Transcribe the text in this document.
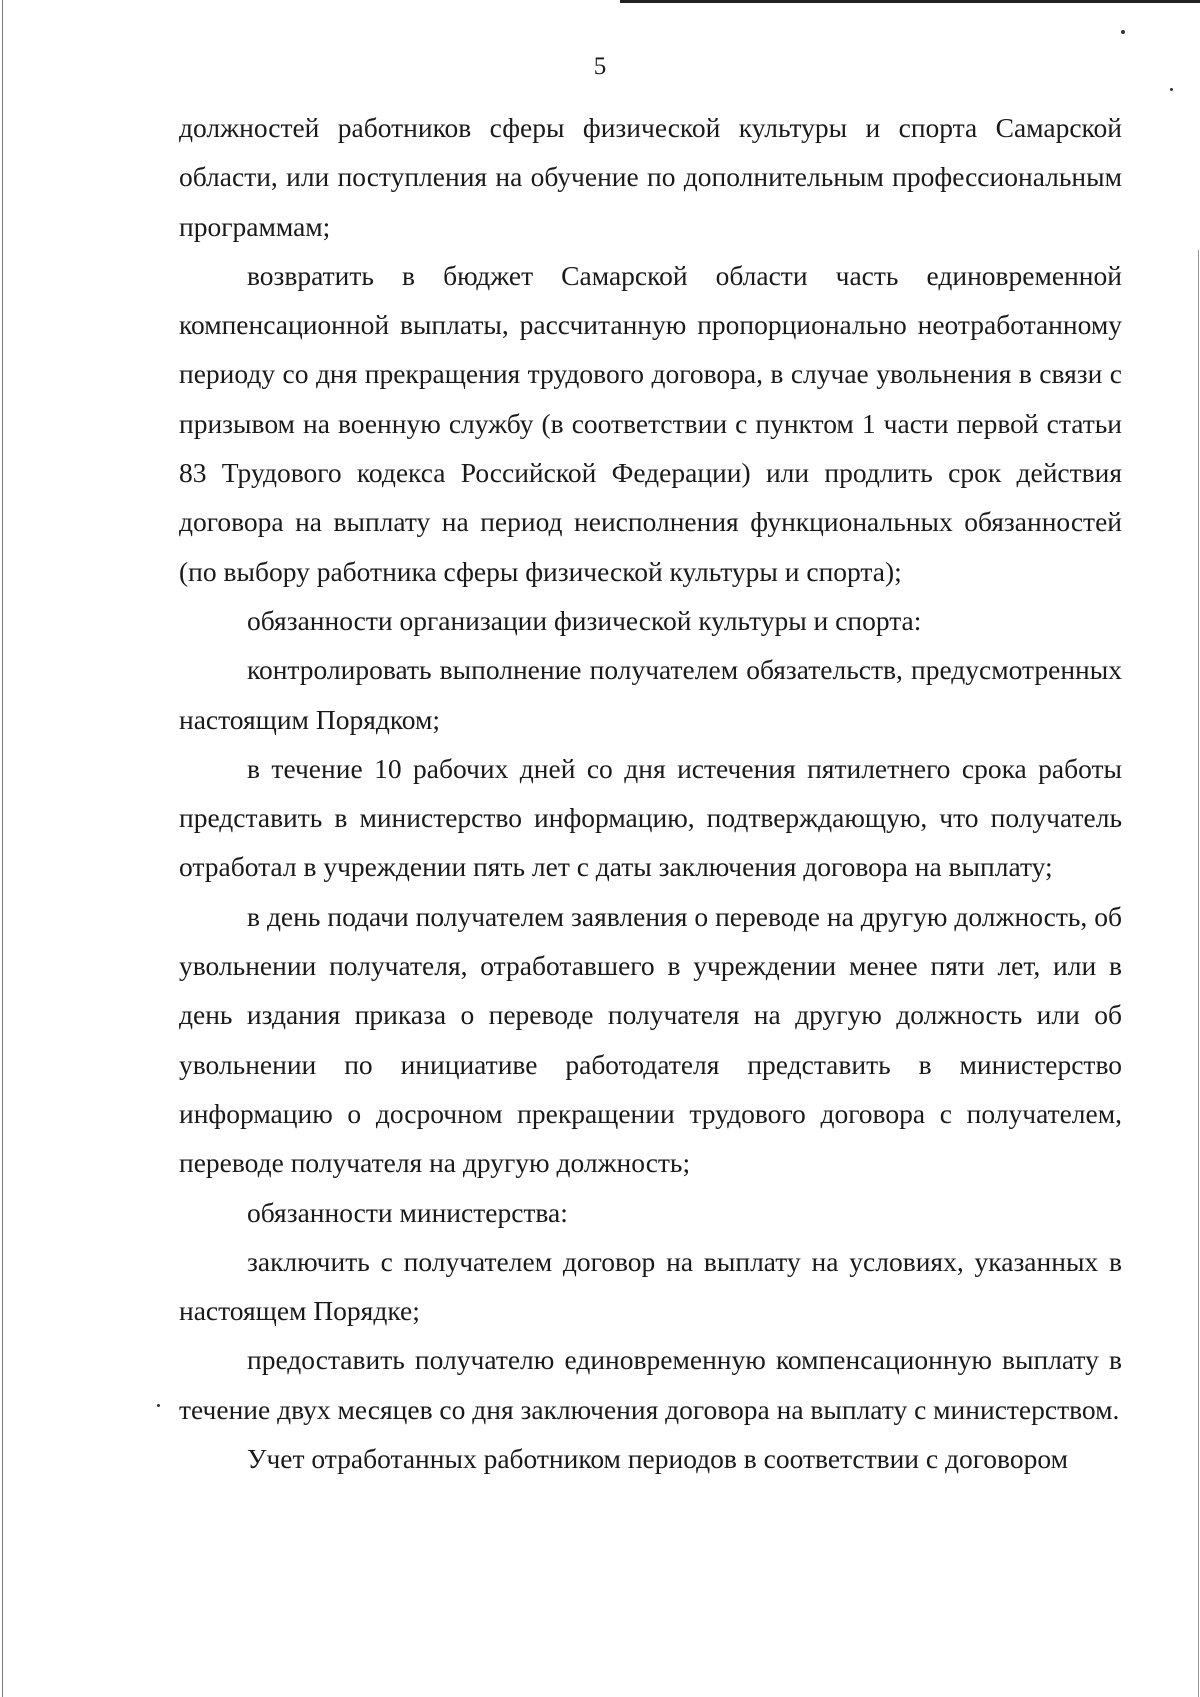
5

должностей работников сферы физической культуры и спорта Самарской области, или поступления на обучение по дополнительным профессиональным программам;

возвратить в бюджет Самарской области часть единовременной компенсационной выплаты, рассчитанную пропорционально неотработанному периоду со дня прекращения трудового договора, в случае увольнения в связи с призывом на военную службу (в соответствии с пунктом 1 части первой статьи 83 Трудового кодекса Российской Федерации) или продлить срок действия договора на выплату на период неисполнения функциональных обязанностей (по выбору работника сферы физической культуры и спорта);

обязанности организации физической культуры и спорта:

контролировать выполнение получателем обязательств, предусмотренных настоящим Порядком;

в течение 10 рабочих дней со дня истечения пятилетнего срока работы представить в министерство информацию, подтверждающую, что получатель отработал в учреждении пять лет с даты заключения договора на выплату;

в день подачи получателем заявления о переводе на другую должность, об увольнении получателя, отработавшего в учреждении менее пяти лет, или в день издания приказа о переводе получателя на другую должность или об увольнении по инициативе работодателя представить в министерство информацию о досрочном прекращении трудового договора с получателем, переводе получателя на другую должность;

обязанности министерства:

заключить с получателем договор на выплату на условиях, указанных в настоящем Порядке;

предоставить получателю единовременную компенсационную выплату в течение двух месяцев со дня заключения договора на выплату с министерством.

Учет отработанных работником периодов в соответствии с договором
